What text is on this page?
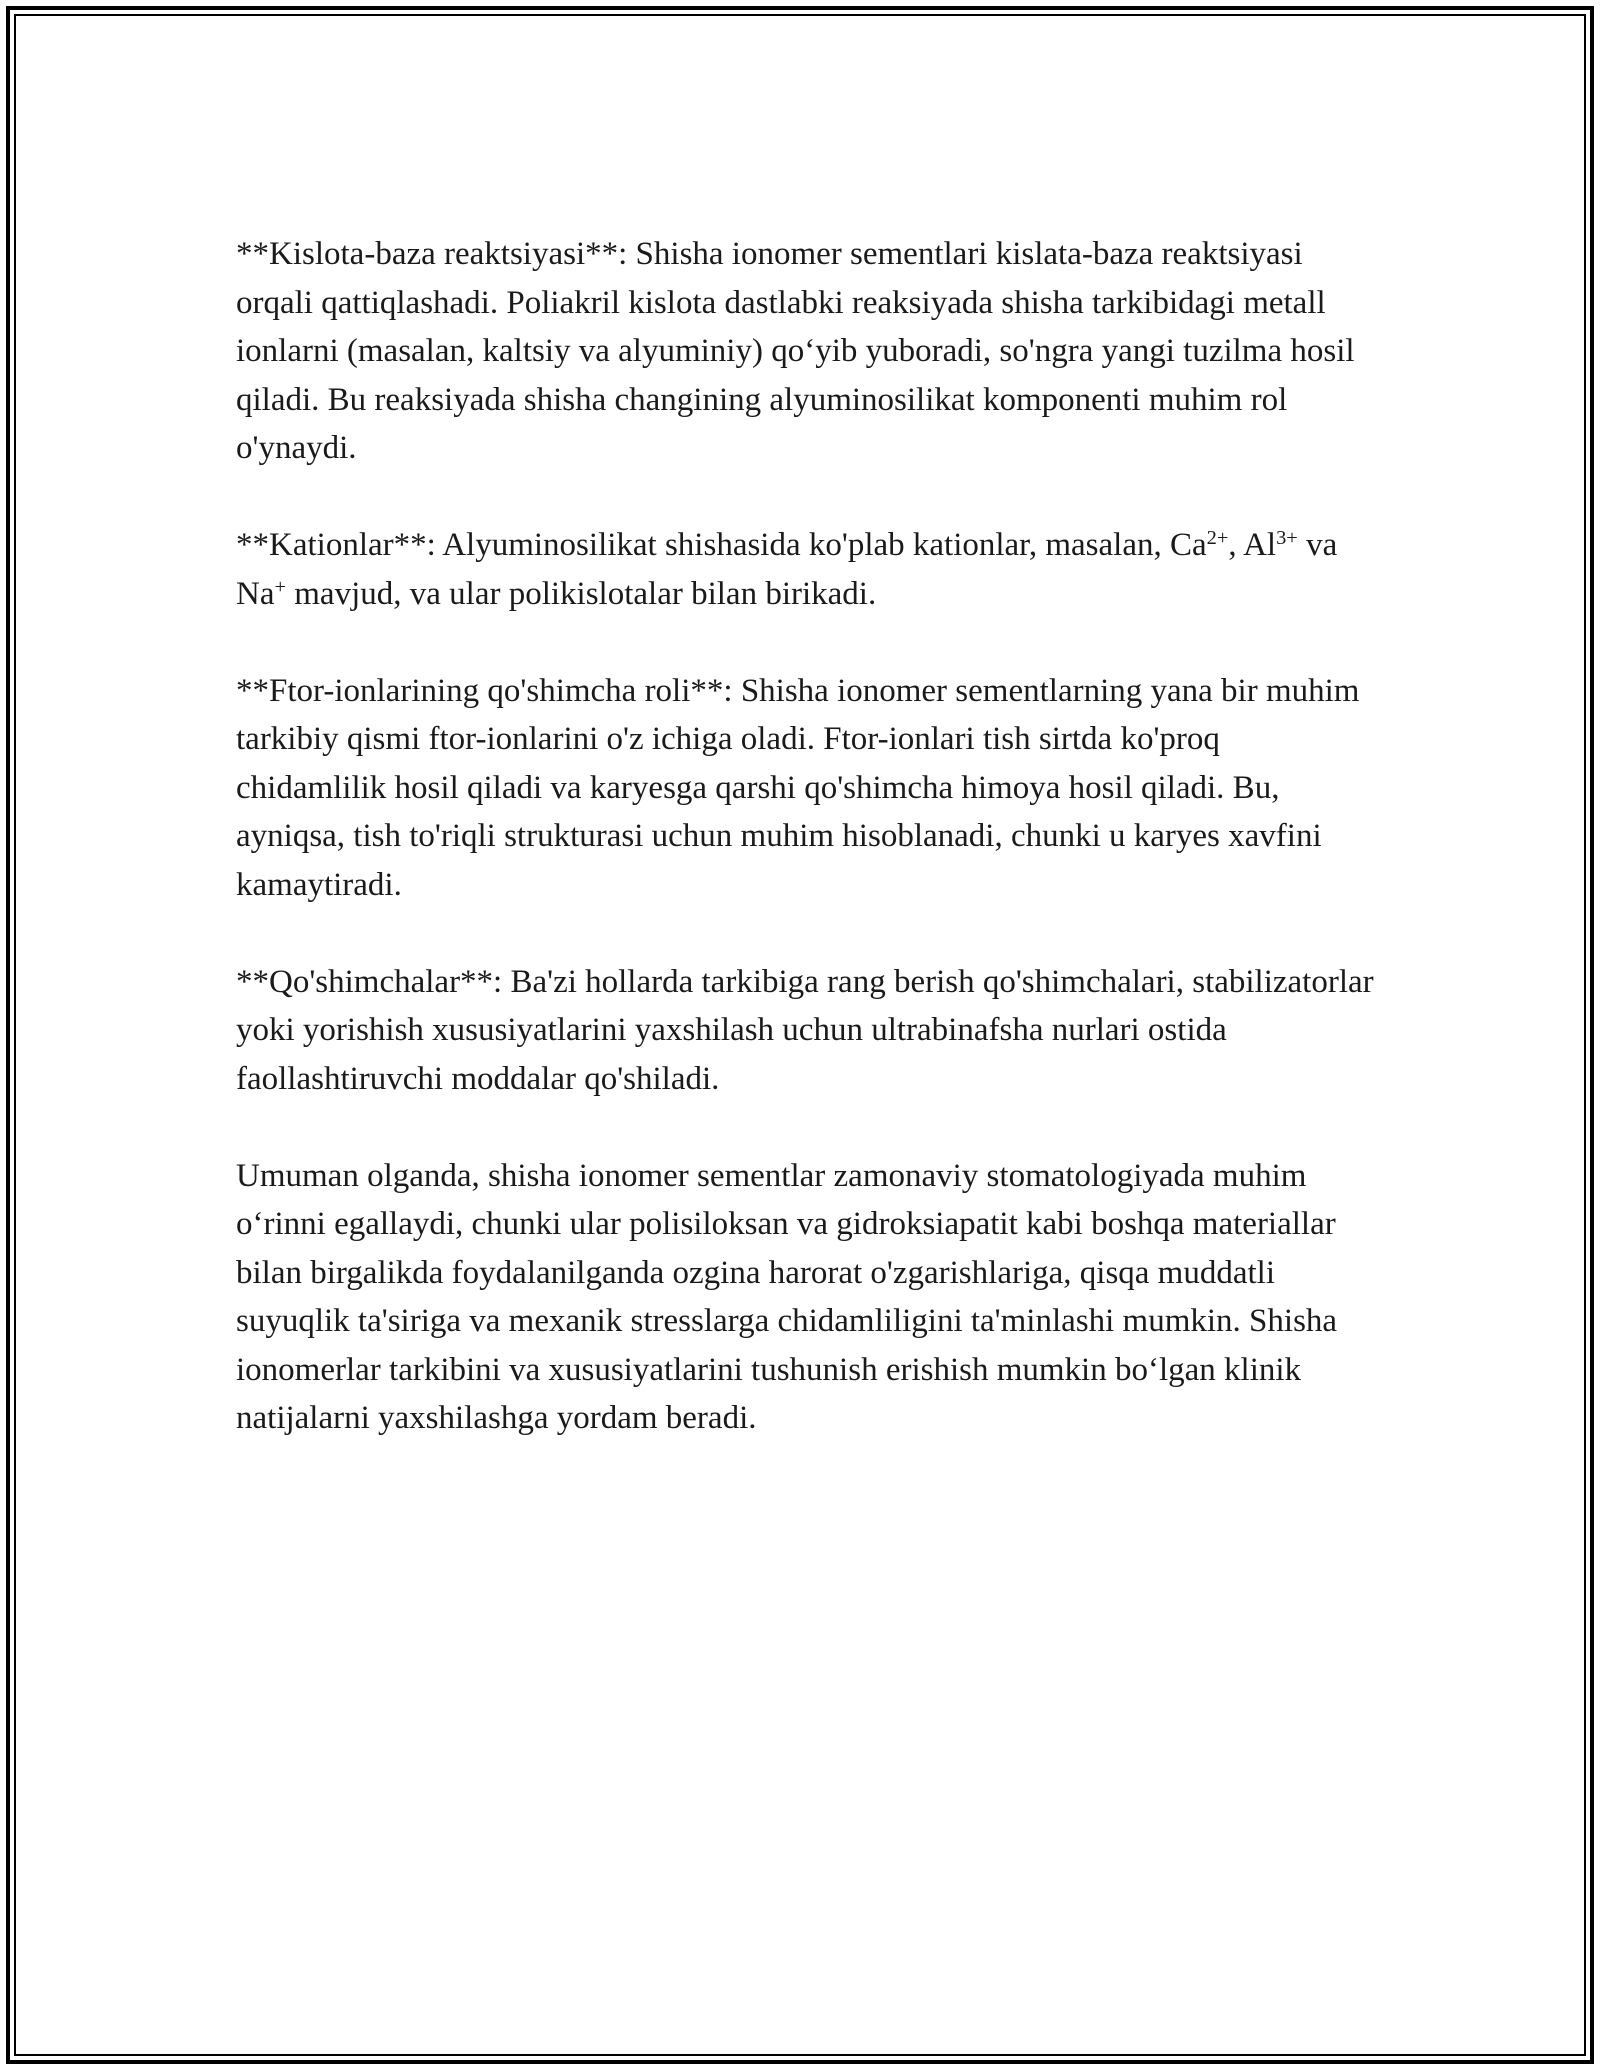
**Kislota-baza reaktsiyasi**: Shisha ionomer sementlari kislata-baza reaktsiyasi orqali qattiqlashadi. Poliakril kislota dastlabki reaksiyada shisha tarkibidagi metall ionlarni (masalan, kaltsiy va alyuminiy) qo‘yib yuboradi, so'ngra yangi tuzilma hosil qiladi. Bu reaksiyada shisha changining alyuminosilikat komponenti muhim rol o'ynaydi.

**Kationlar**: Alyuminosilikat shishasida ko'plab kationlar, masalan, $Ca^{2+}$, $Al^{3+}$ va Na+ mavjud, va ular polikislotalar bilan birikadi.

**Ftor-ionlarining qo'shimcha roli**: Shisha ionomer sementlarning yana bir muhim tarkibiy qismi ftor-ionlarini o'z ichiga oladi. Ftor-ionlari tish sirtda ko'proq chidamlilik hosil qiladi va karyesga qarshi qo'shimcha himoya hosil qiladi. Bu, ayniqsa, tish to'riqli strukturasi uchun muhim hisoblanadi, chunki u karyes xavfini kamaytiradi.

**Qo'shimchalar**: Ba'zi hollarda tarkibiga rang berish qo'shimchalari, stabilizatorlar yoki yorishish xususiyatlarini yaxshilash uchun ultrabinafsha nurlari ostida faollashtiruvchi moddalar qo'shiladi.

Umuman olganda, shisha ionomer sementlar zamonaviy stomatologiyada muhim o‘rinni egallaydi, chunki ular polisiloksan va gidroksiapatit kabi boshqa materiallar bilan birgalikda foydalanilganda ozgina harorat o'zgarishlariga, qisqa muddatli suyuqlik ta'siriga va mexanik stresslarga chidamliligini ta'minlashi mumkin. Shisha ionomerlar tarkibini va xususiyatlarini tushunish erishish mumkin bo‘lgan klinik natijalarni yaxshilashga yordam beradi.
